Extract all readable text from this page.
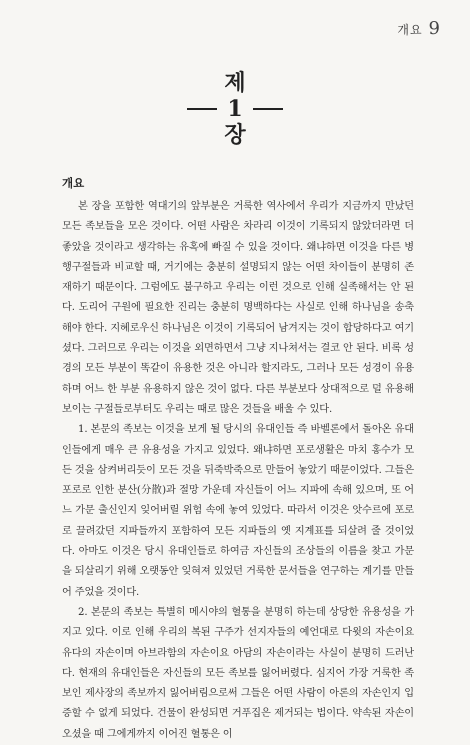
개요 9
제
1
장
개요

본 장을 포함한 역대기의 앞부분은 거룩한 역사에서 우리가 지금까지 만났던 모든 족보들을 모은 것이다. 어떤 사람은 차라리 이것이 기록되지 않았더라면 더 좋았을 것이라고 생각하는 유혹에 빠질 수 있을 것이다. 왜냐하면 이것을 다른 병행구절들과 비교할 때, 거기에는 충분히 설명되지 않는 어떤 차이들이 분명히 존재하기 때문이다. 그럼에도 불구하고 우리는 이런 것으로 인해 실족해서는 안 된다. 도리어 구원에 필요한 진리는 충분히 명백하다는 사실로 인해 하나님을 송축해야 한다. 지혜로우신 하나님은 이것이 기록되어 남겨지는 것이 합당하다고 여기셨다. 그러므로 우리는 이것을 외면하면서 그냥 지나쳐서는 결코 안 된다. 비록 성경의 모든 부분이 똑같이 유용한 것은 아니라 할지라도, 그러나 모든 성경이 유용하며 어느 한 부분 유용하지 않은 것이 없다. 다른 부분보다 상대적으로 덜 유용해 보이는 구절들로부터도 우리는 때로 많은 것들을 배울 수 있다.

1. 본문의 족보는 이것을 보게 될 당시의 유대인들 즉 바벨론에서 돌아온 유대인들에게 매우 큰 유용성을 가지고 있었다. 왜냐하면 포로생활은 마치 홍수가 모든 것을 삼켜버리듯이 모든 것을 뒤죽박죽으로 만들어 놓았기 때문이었다. 그들은 포로로 인한 분산(分散)과 절망 가운데 자신들이 어느 지파에 속해 있으며, 또 어느 가문 출신인지 잊어버릴 위험 속에 놓여 있었다. 따라서 이것은 앗수르에 포로로 끌려갔던 지파들까지 포함하여 모든 지파들의 옛 지계표를 되살려 줄 것이었다. 아마도 이것은 당시 유대인들로 하여금 자신들의 조상들의 이름을 찾고 가문을 되살리기 위해 오랫동안 잊혀져 있었던 거룩한 문서들을 연구하는 계기를 만들어 주었을 것이다.

2. 본문의 족보는 특별히 메시야의 혈통을 분명히 하는데 상당한 유용성을 가지고 있다. 이로 인해 우리의 복된 구주가 선지자들의 예언대로 다윗의 자손이요 유다의 자손이며 아브라함의 자손이요 아담의 자손이라는 사실이 분명히 드러난다. 현재의 유대인들은 자신들의 모든 족보를 잃어버렸다. 심지어 가장 거룩한 족보인 제사장의 족보까지 잃어버림으로써 그들은 어떤 사람이 아론의 자손인지 입증할 수 없게 되었다. 건물이 완성되면 거푸집은 제거되는 법이다. 약속된 자손이 오셨을 때 그에게까지 이어진 혈통은 이
